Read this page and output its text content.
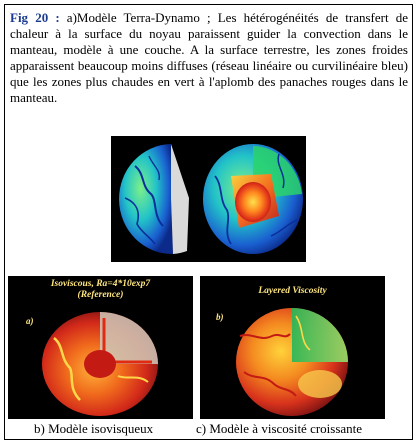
Fig 20 : a)Modèle Terra-Dynamo ; Les hétérogénéités de transfert de chaleur à la surface du noyau paraissent guider la convection dans le manteau, modèle à une couche. A la surface terrestre, les zones froides apparaissent beaucoup moins diffuses (réseau linéaire ou curvilinéaire bleu) que les zones plus chaudes en vert à l'aplomb des panaches rouges dans le manteau.

Isoviscous, Ra=4*10exp7
(Reference)
a)
Layered Viscosity
b)
b) Modèle isovisqueux	c) Modèle à viscosité croissante
